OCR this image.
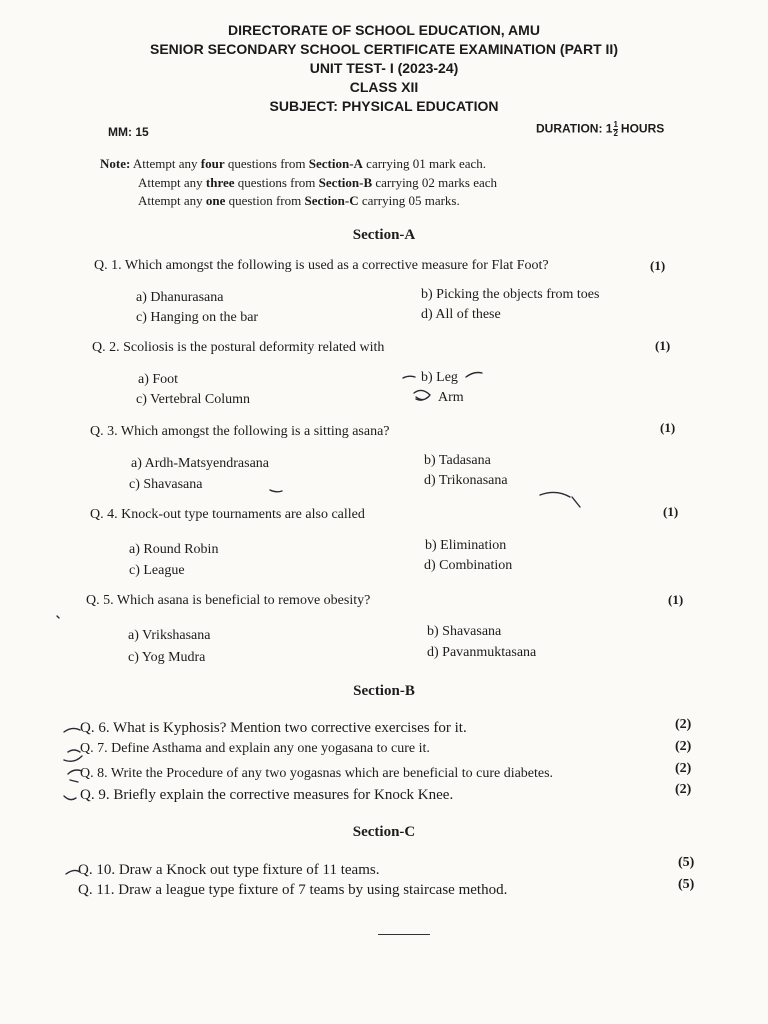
DIRECTORATE OF SCHOOL EDUCATION, AMU
SENIOR SECONDARY SCHOOL CERTIFICATE EXAMINATION (PART II)
UNIT TEST- I (2023-24)
CLASS XII
SUBJECT: PHYSICAL EDUCATION
MM: 15	DURATION: $1 \frac{1}{2}$ HOURS
Note: Attempt any four questions from Section-A carrying 01 mark each.
Attempt any three questions from Section-B carrying 02 marks each
Attempt any one question from Section-C carrying 05 marks.
Section-A
Q. 1. Which amongst the following is used as a corrective measure for Flat Foot?	(1)
a) Dhanurasana	b) Picking the objects from toes
c) Hanging on the bar	d) All of these
Q. 2. Scoliosis is the postural deformity related with	(1)
a) Foot	b) Leg
c) Vertebral Column	Arm
Q. 3. Which amongst the following is a sitting asana?	(1)
a) Ardh-Matsyendrasana	b) Tadasana
c) Shavasana	d) Trikonasana
Q. 4. Knock-out type tournaments are also called	(1)
a) Round Robin	b) Elimination
c) League	d) Combination
Q. 5. Which asana is beneficial to remove obesity?	(1)
a) Vrikshasana	b) Shavasana
c) Yog Mudra	d) Pavanmuktasana
Section-B
Q. 6. What is Kyphosis? Mention two corrective exercises for it.	(2)
Q. 7. Define Asthama and explain any one yogasana to cure it.	(2)
Q. 8. Write the Procedure of any two yogasnas which are beneficial to cure diabetes.	(2)
Q. 9. Briefly explain the corrective measures for Knock Knee.	(2)
Section-C
Q. 10. Draw a Knock out type fixture of 11 teams.	(5)
Q. 11. Draw a league type fixture of 7 teams by using staircase method.	(5)
